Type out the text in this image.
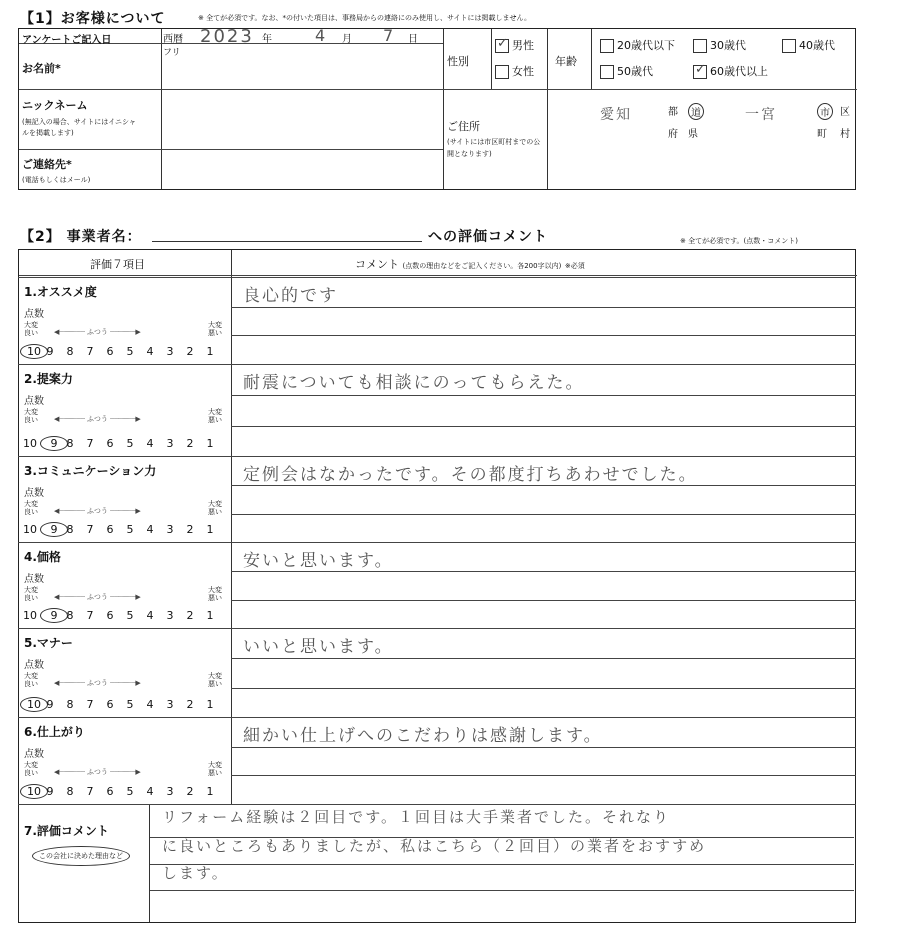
【1】お客様について	※ 全てが必須です。なお、*の付いた項目は、事務局からの連絡にのみ使用し、サイトには掲載しません。
アンケートご記入日	西暦 2023 年	4 月 7 日
フリ
お名前*
性別
✓男性
女性
年齢
20歳代以下	30歳代	40歳代
50歳代
✓	60歳代以上
ニックネーム
(無記入の場合、サイトにはイニシャルを掲載します)
ご連絡先*
(電話もしくはメール)
ご住所
(サイトには市区町村までの公開となります)
愛知	都	道
府 県
一宮	市	区
町 村
【2】 事業者名：	への評価コメント	※ 全てが必須です。(点数・コメント)
評価７項目	コメント (点数の理由などをご記入ください。各200字以内) ※必須
1.オススメ度
点数
大変
良い ◀┈┈┈┈┈┈ ふつう ┈┈┈┈┈┈▶
大変
悪い
10 9 8 7 6 5 4 3 2 1
良心的です
2.提案力
点数
大変
良い ◀┈┈┈┈┈┈ ふつう ┈┈┈┈┈┈▶
大変
悪い
10 9 8 7 6 5 4 3 2 1
耐震についても相談にのってもらえた。
3.コミュニケーション力
点数
大変
良い ◀┈┈┈┈┈┈ ふつう ┈┈┈┈┈┈▶
大変
悪い
10 9 8 7 6 5 4 3 2 1
定例会はなかったです。その都度打ちあわせでした。
4.価格
点数
大変
良い ◀┈┈┈┈┈┈ ふつう ┈┈┈┈┈┈▶
大変
悪い
10 9 8 7 6 5 4 3 2 1
安いと思います。
5.マナー
点数
大変
良い ◀┈┈┈┈┈┈ ふつう ┈┈┈┈┈┈▶
大変
悪い
10 9 8 7 6 5 4 3 2 1
いいと思います。
6.仕上がり
点数
大変
良い ◀┈┈┈┈┈┈ ふつう ┈┈┈┈┈┈▶
大変
悪い
10 9 8 7 6 5 4 3 2 1
細かい仕上げへのこだわりは感謝します。
7.評価コメント
この会社に決めた理由など
リフォーム経験は２回目です。１回目は大手業者でした。それなり
に良いところもありましたが、私はこちら（２回目）の業者をおすすめ
します。
